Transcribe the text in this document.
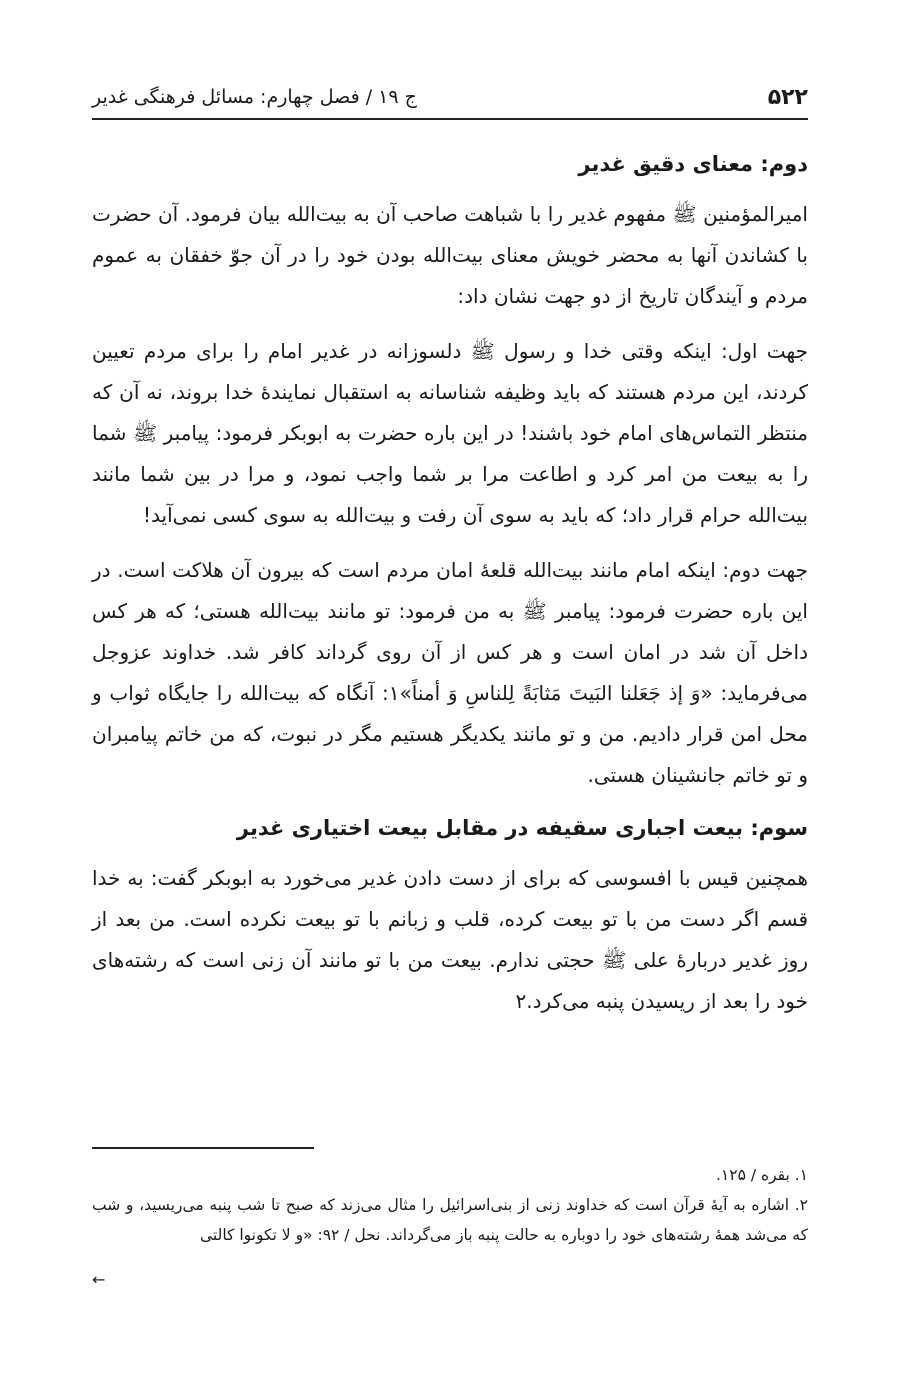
۵۲۲
ج ۱۹ / فصل چهارم: مسائل فرهنگی غدیر
دوم: معنای دقیق غدیر

امیرالمؤمنین ﷺ مفهوم غدیر را با شباهت صاحب آن به بیت‌الله بیان فرمود. آن حضرت با کشاندن آنها به محضر خویش معنای بیت‌الله بودن خود را در آن جوّ خفقان به عموم مردم و آیندگان تاریخ از دو جهت نشان داد:

جهت اول: اینکه وقتی خدا و رسول ﷺ دلسوزانه در غدیر امام را برای مردم تعیین کردند، این مردم هستند که باید وظیفه شناسانه به استقبال نمایندهٔ خدا بروند، نه آن که منتظر التماس‌های امام خود باشند! در این باره حضرت به ابوبکر فرمود: پیامبر ﷺ شما را به بیعت من امر کرد و اطاعت مرا بر شما واجب نمود، و مرا در بین شما مانند بیت‌الله حرام قرار داد؛ که باید به سوی آن رفت و بیت‌الله به سوی کسی نمی‌آید!

جهت دوم: اینکه امام مانند بیت‌الله قلعهٔ امان مردم است که بیرون آن هلاکت است. در این باره حضرت فرمود: پیامبر ﷺ به من فرمود: تو مانند بیت‌الله هستی؛ که هر کس داخل آن شد در امان است و هر کس از آن روی گرداند کافر شد. خداوند عزوجل می‌فرماید: «وَ إذ جَعَلنا البَیتَ مَثابَةً لِلناسِ وَ أمناً»۱: آنگاه که بیت‌الله را جایگاه ثواب و محل امن قرار دادیم. من و تو مانند یکدیگر هستیم مگر در نبوت، که من خاتم پیامبران و تو خاتم جانشینان هستی.

سوم: بیعت اجباری سقیفه در مقابل بیعت اختیاری غدیر

همچنین قیس با افسوسی که برای از دست دادن غدیر می‌خورد به ابوبکر گفت: به خدا قسم اگر دست من با تو بیعت کرده، قلب و زبانم با تو بیعت نکرده است. من بعد از روز غدیر دربارهٔ علی ﷺ حجتی ندارم. بیعت من با تو مانند آن زنی است که رشته‌های خود را بعد از ریسیدن پنبه می‌کرد.۲

۱. بقره / ۱۲۵.
۲. اشاره به آیهٔ قرآن است که خداوند زنی از بنی‌اسرائیل را مثال می‌زند که صبح تا شب پنبه می‌ریسید، و شب که می‌شد همهٔ رشته‌های خود را دوباره به حالت پنبه باز می‌گرداند. نحل / ۹۲: «و لا تکونوا کالتی
←
